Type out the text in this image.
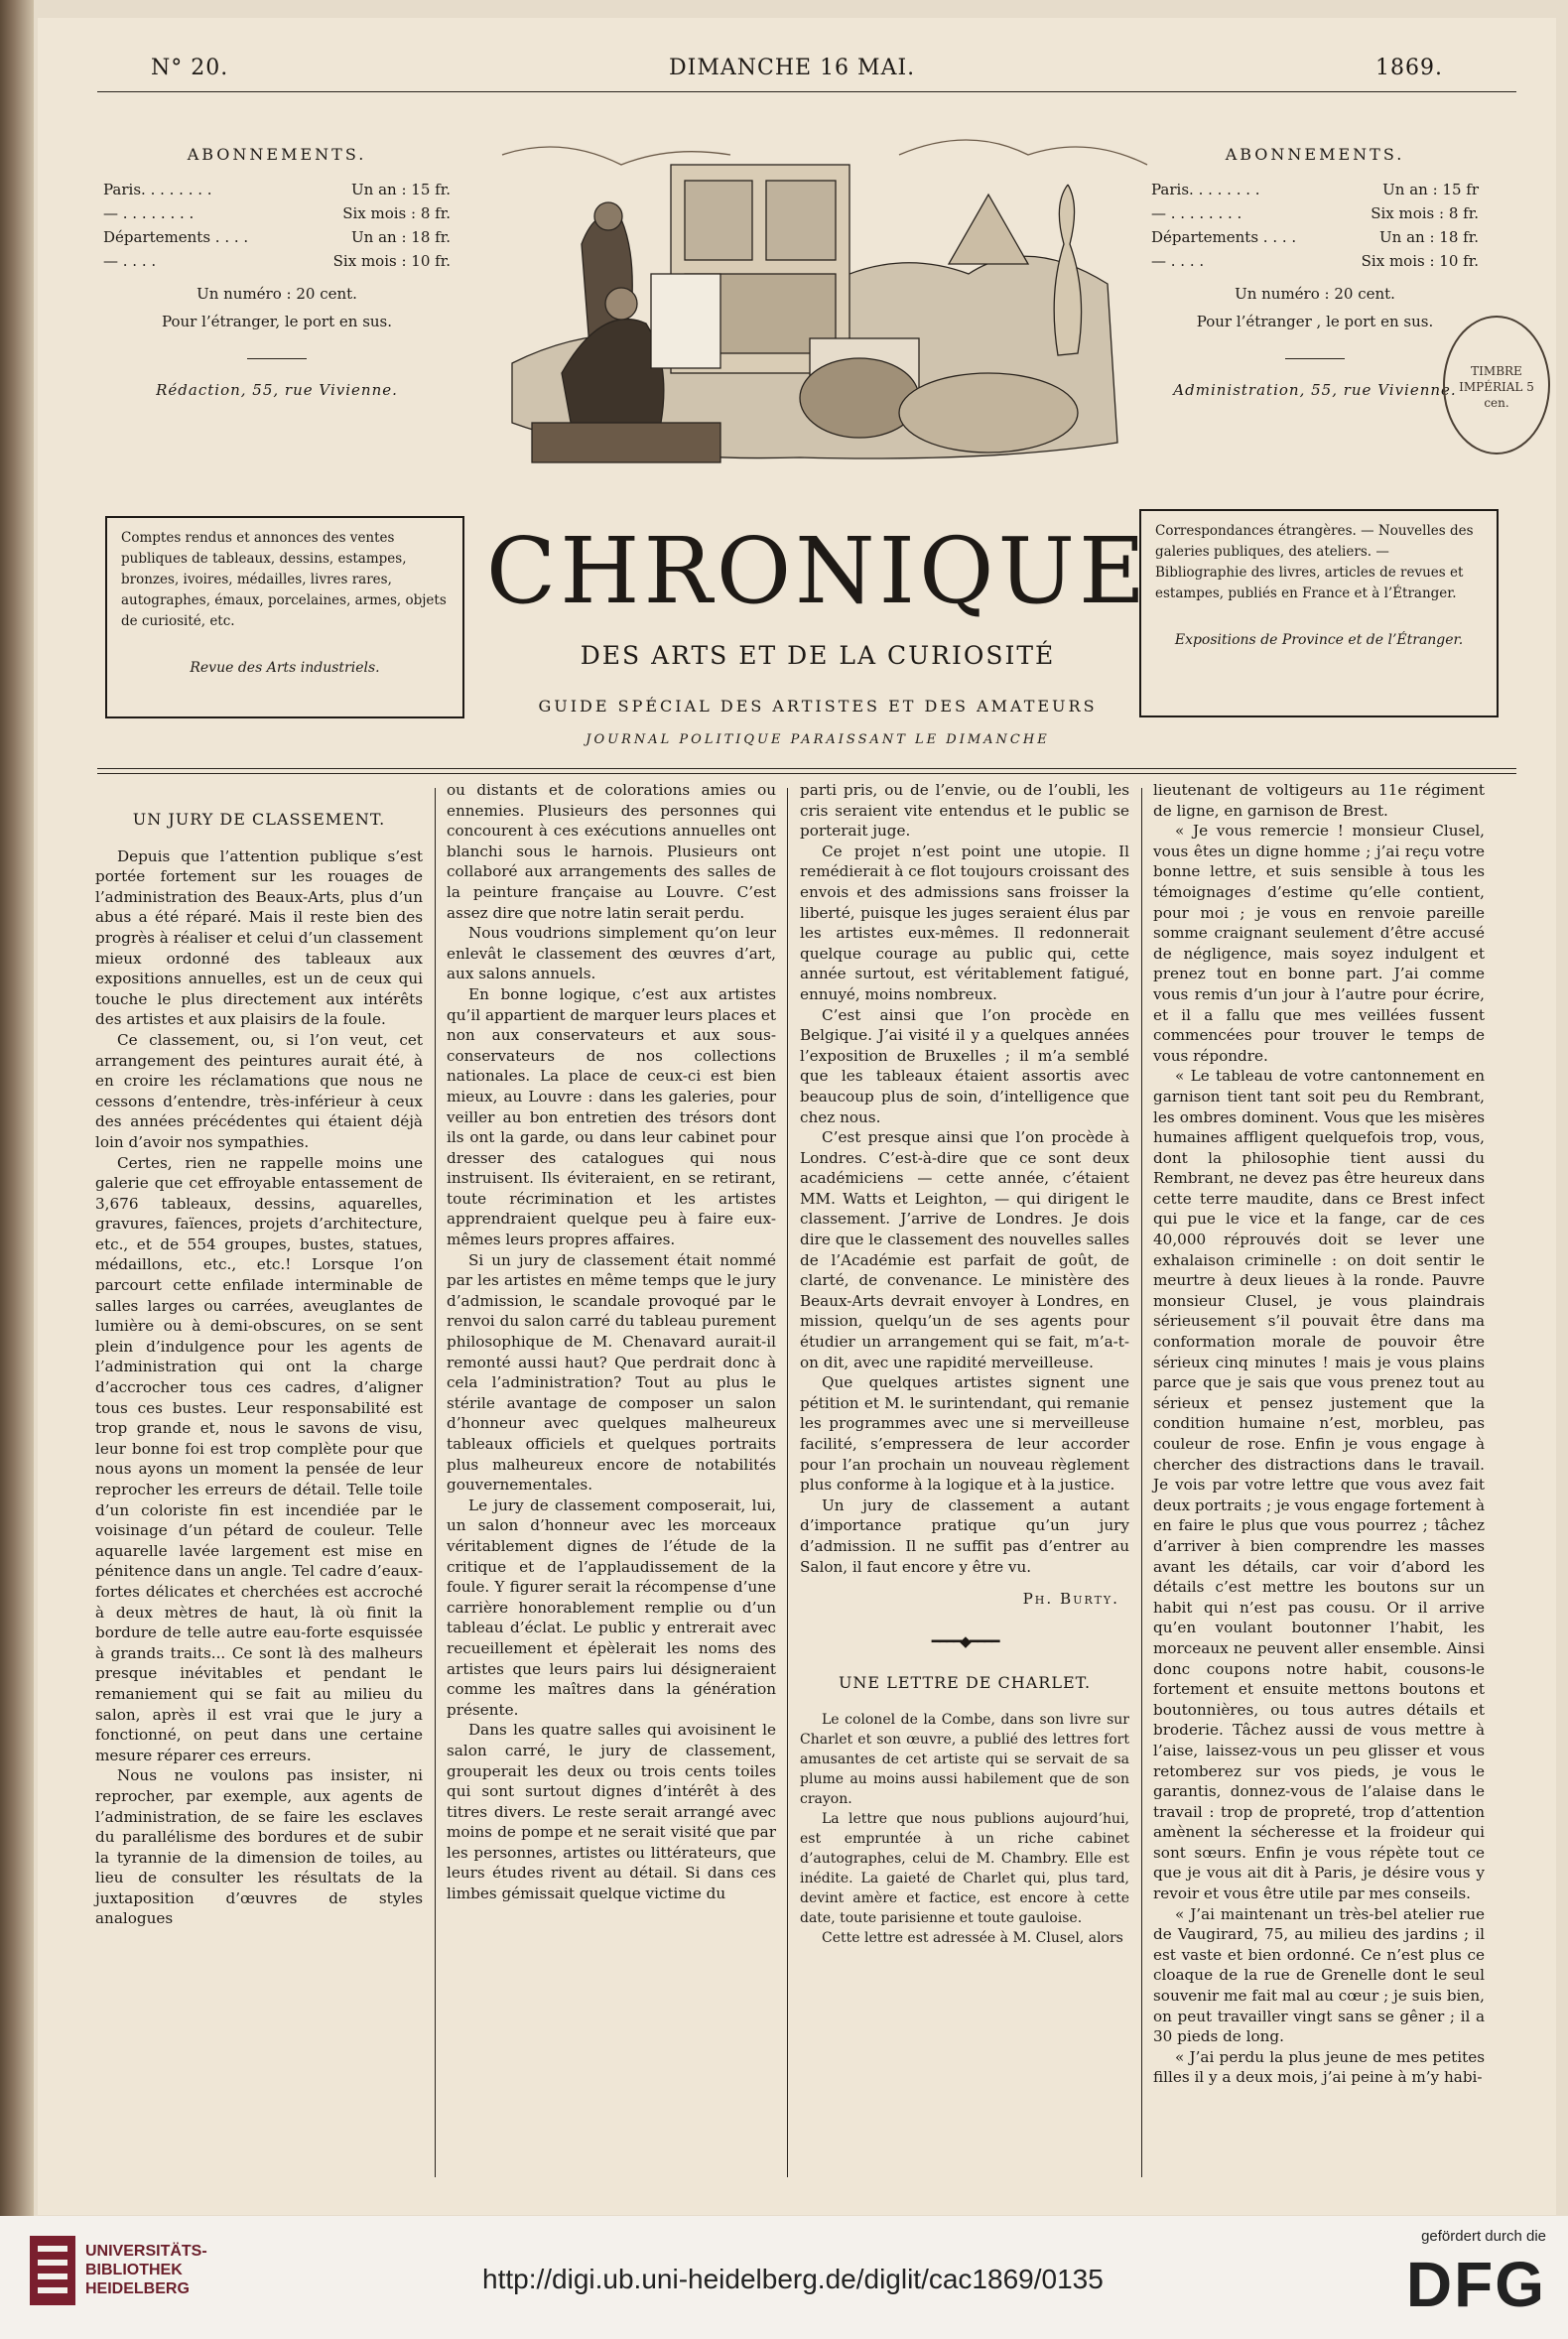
N° 20.	DIMANCHE 16 MAI.	1869.
ABONNEMENTS.
Paris. . . . . . . .	Un an : 15 fr.
— . . . . . . . .	Six mois : 8 fr.
Départements . . . .	Un an : 18 fr.
— . . . .	Six mois : 10 fr.
Un numéro : 20 cent.
Pour l’étranger, le port en sus.
Rédaction, 55, rue Vivienne.
ABONNEMENTS.
Paris. . . . . . . .	Un an : 15 fr
— . . . . . . . .	Six mois : 8 fr.
Départements . . . .	Un an : 18 fr.
— . . . .	Six mois : 10 fr.
Un numéro : 20 cent.
Pour l’étranger , le port en sus.
Administration, 55, rue Vivienne.
TIMBRE IMPÉRIAL 5 cen.
Comptes rendus et annonces des ventes publiques de tableaux, dessins, estampes, bronzes, ivoires, médailles, livres rares, autographes, émaux, porcelaines, armes, objets de curiosité, etc.
Revue des Arts industriels.
CHRONIQUE
DES ARTS ET DE LA CURIOSITÉ
GUIDE SPÉCIAL DES ARTISTES ET DES AMATEURS
JOURNAL POLITIQUE PARAISSANT LE DIMANCHE
Correspondances étrangères. — Nouvelles des galeries publiques, des ateliers. — Bibliographie des livres, articles de revues et estampes, publiés en France et à l’Étranger.
Expositions de Province et de l’Étranger.
UN JURY DE CLASSEMENT.

Depuis que l’attention publique s’est portée fortement sur les rouages de l’administration des Beaux-Arts, plus d’un abus a été réparé. Mais il reste bien des progrès à réaliser et celui d’un classement mieux ordonné des tableaux aux expositions annuelles, est un de ceux qui touche le plus directement aux intérêts des artistes et aux plaisirs de la foule.

Ce classement, ou, si l’on veut, cet arrangement des peintures aurait été, à en croire les réclamations que nous ne cessons d’entendre, très-inférieur à ceux des années précédentes qui étaient déjà loin d’avoir nos sympathies.

Certes, rien ne rappelle moins une galerie que cet effroyable entassement de 3,676 tableaux, dessins, aquarelles, gravures, faïences, projets d’architecture, etc., et de 554 groupes, bustes, statues, médaillons, etc., etc.! Lorsque l’on parcourt cette enfilade interminable de salles larges ou carrées, aveuglantes de lumière ou à demi-obscures, on se sent plein d’indulgence pour les agents de l’administration qui ont la charge d’accrocher tous ces cadres, d’aligner tous ces bustes. Leur responsabilité est trop grande et, nous le savons de visu, leur bonne foi est trop complète pour que nous ayons un moment la pensée de leur reprocher les erreurs de détail. Telle toile d’un coloriste fin est incendiée par le voisinage d’un pétard de couleur. Telle aquarelle lavée largement est mise en pénitence dans un angle. Tel cadre d’eaux-fortes délicates et cherchées est accroché à deux mètres de haut, là où finit la bordure de telle autre eau-forte esquissée à grands traits... Ce sont là des malheurs presque inévitables et pendant le remaniement qui se fait au milieu du salon, après il est vrai que le jury a fonctionné, on peut dans une certaine mesure réparer ces erreurs.

Nous ne voulons pas insister, ni reprocher, par exemple, aux agents de l’administration, de se faire les esclaves du parallélisme des bordures et de subir la tyrannie de la dimension de toiles, au lieu de consulter les résultats de la juxtaposition d’œuvres de styles analogues

ou distants et de colorations amies ou ennemies. Plusieurs des personnes qui concourent à ces exécutions annuelles ont blanchi sous le harnois. Plusieurs ont collaboré aux arrangements des salles de la peinture française au Louvre. C’est assez dire que notre latin serait perdu.

Nous voudrions simplement qu’on leur enlevât le classement des œuvres d’art, aux salons annuels.

En bonne logique, c’est aux artistes qu’il appartient de marquer leurs places et non aux conservateurs et aux sous-conservateurs de nos collections nationales. La place de ceux-ci est bien mieux, au Louvre : dans les galeries, pour veiller au bon entretien des trésors dont ils ont la garde, ou dans leur cabinet pour dresser des catalogues qui nous instruisent. Ils éviteraient, en se retirant, toute récrimination et les artistes apprendraient quelque peu à faire eux-mêmes leurs propres affaires.

Si un jury de classement était nommé par les artistes en même temps que le jury d’admission, le scandale provoqué par le renvoi du salon carré du tableau purement philosophique de M. Chenavard aurait-il remonté aussi haut? Que perdrait donc à cela l’administration? Tout au plus le stérile avantage de composer un salon d’honneur avec quelques malheureux tableaux officiels et quelques portraits plus malheureux encore de notabilités gouvernementales.

Le jury de classement composerait, lui, un salon d’honneur avec les morceaux véritablement dignes de l’étude de la critique et de l’applaudissement de la foule. Y figurer serait la récompense d’une carrière honorablement remplie ou d’un tableau d’éclat. Le public y entrerait avec recueillement et épèlerait les noms des artistes que leurs pairs lui désigneraient comme les maîtres dans la génération présente.

Dans les quatre salles qui avoisinent le salon carré, le jury de classement, grouperait les deux ou trois cents toiles qui sont surtout dignes d’intérêt à des titres divers. Le reste serait arrangé avec moins de pompe et ne serait visité que par les personnes, artistes ou littérateurs, que leurs études rivent au détail. Si dans ces limbes gémissait quelque victime du

parti pris, ou de l’envie, ou de l’oubli, les cris seraient vite entendus et le public se porterait juge.

Ce projet n’est point une utopie. Il remédierait à ce flot toujours croissant des envois et des admissions sans froisser la liberté, puisque les juges seraient élus par les artistes eux-mêmes. Il redonnerait quelque courage au public qui, cette année surtout, est véritablement fatigué, ennuyé, moins nombreux.

C’est ainsi que l’on procède en Belgique. J’ai visité il y a quelques années l’exposition de Bruxelles ; il m’a semblé que les tableaux étaient assortis avec beaucoup plus de soin, d’intelligence que chez nous.

C’est presque ainsi que l’on procède à Londres. C’est-à-dire que ce sont deux académiciens — cette année, c’étaient MM. Watts et Leighton, — qui dirigent le classement. J’arrive de Londres. Je dois dire que le classement des nouvelles salles de l’Académie est parfait de goût, de clarté, de convenance. Le ministère des Beaux-Arts devrait envoyer à Londres, en mission, quelqu’un de ses agents pour étudier un arrangement qui se fait, m’a-t-on dit, avec une rapidité merveilleuse.

Que quelques artistes signent une pétition et M. le surintendant, qui remanie les programmes avec une si merveilleuse facilité, s’empressera de leur accorder pour l’an prochain un nouveau règlement plus conforme à la logique et à la justice.

Un jury de classement a autant d’importance pratique qu’un jury d’admission. Il ne suffit pas d’entrer au Salon, il faut encore y être vu.

Ph. Burty.
━━━━◆━━━━
UNE LETTRE DE CHARLET.

Le colonel de la Combe, dans son livre sur Charlet et son œuvre, a publié des lettres fort amusantes de cet artiste qui se servait de sa plume au moins aussi habilement que de son crayon.

La lettre que nous publions aujourd’hui, est empruntée à un riche cabinet d’autographes, celui de M. Chambry. Elle est inédite. La gaieté de Charlet qui, plus tard, devint amère et factice, est encore à cette date, toute parisienne et toute gauloise.

Cette lettre est adressée à M. Clusel, alors

lieutenant de voltigeurs au 11e régiment de ligne, en garnison de Brest.

« Je vous remercie ! monsieur Clusel, vous êtes un digne homme ; j’ai reçu votre bonne lettre, et suis sensible à tous les témoignages d’estime qu’elle contient, pour moi ; je vous en renvoie pareille somme craignant seulement d’être accusé de négligence, mais soyez indulgent et prenez tout en bonne part. J’ai comme vous remis d’un jour à l’autre pour écrire, et il a fallu que mes veillées fussent commencées pour trouver le temps de vous répondre.

« Le tableau de votre cantonnement en garnison tient tant soit peu du Rembrant, les ombres dominent. Vous que les misères humaines affligent quelquefois trop, vous, dont la philosophie tient aussi du Rembrant, ne devez pas être heureux dans cette terre maudite, dans ce Brest infect qui pue le vice et la fange, car de ces 40,000 réprouvés doit se lever une exhalaison criminelle : on doit sentir le meurtre à deux lieues à la ronde. Pauvre monsieur Clusel, je vous plaindrais sérieusement s’il pouvait être dans ma conformation morale de pouvoir être sérieux cinq minutes ! mais je vous plains parce que je sais que vous prenez tout au sérieux et pensez justement que la condition humaine n’est, morbleu, pas couleur de rose. Enfin je vous engage à chercher des distractions dans le travail. Je vois par votre lettre que vous avez fait deux portraits ; je vous engage fortement à en faire le plus que vous pourrez ; tâchez d’arriver à bien comprendre les masses avant les détails, car voir d’abord les détails c’est mettre les boutons sur un habit qui n’est pas cousu. Or il arrive qu’en voulant boutonner l’habit, les morceaux ne peuvent aller ensemble. Ainsi donc coupons notre habit, cousons-le fortement et ensuite mettons boutons et boutonnières, ou tous autres détails et broderie. Tâchez aussi de vous mettre à l’aise, laissez-vous un peu glisser et vous retomberez sur vos pieds, je vous le garantis, donnez-vous de l’alaise dans le travail : trop de propreté, trop d’attention amènent la sécheresse et la froideur qui sont sœurs. Enfin je vous répète tout ce que je vous ait dit à Paris, je désire vous y revoir et vous être utile par mes conseils.

« J’ai maintenant un très-bel atelier rue de Vaugirard, 75, au milieu des jardins ; il est vaste et bien ordonné. Ce n’est plus ce cloaque de la rue de Grenelle dont le seul souvenir me fait mal au cœur ; je suis bien, on peut travailler vingt sans se gêner ; il a 30 pieds de long.

« J’ai perdu la plus jeune de mes petites filles il y a deux mois, j’ai peine à m’y habi-

UNIVERSITÄTS-
BIBLIOTHEK
HEIDELBERG	http://digi.ub.uni-heidelberg.de/diglit/cac1869/0135
gefördert durch die
DFG
